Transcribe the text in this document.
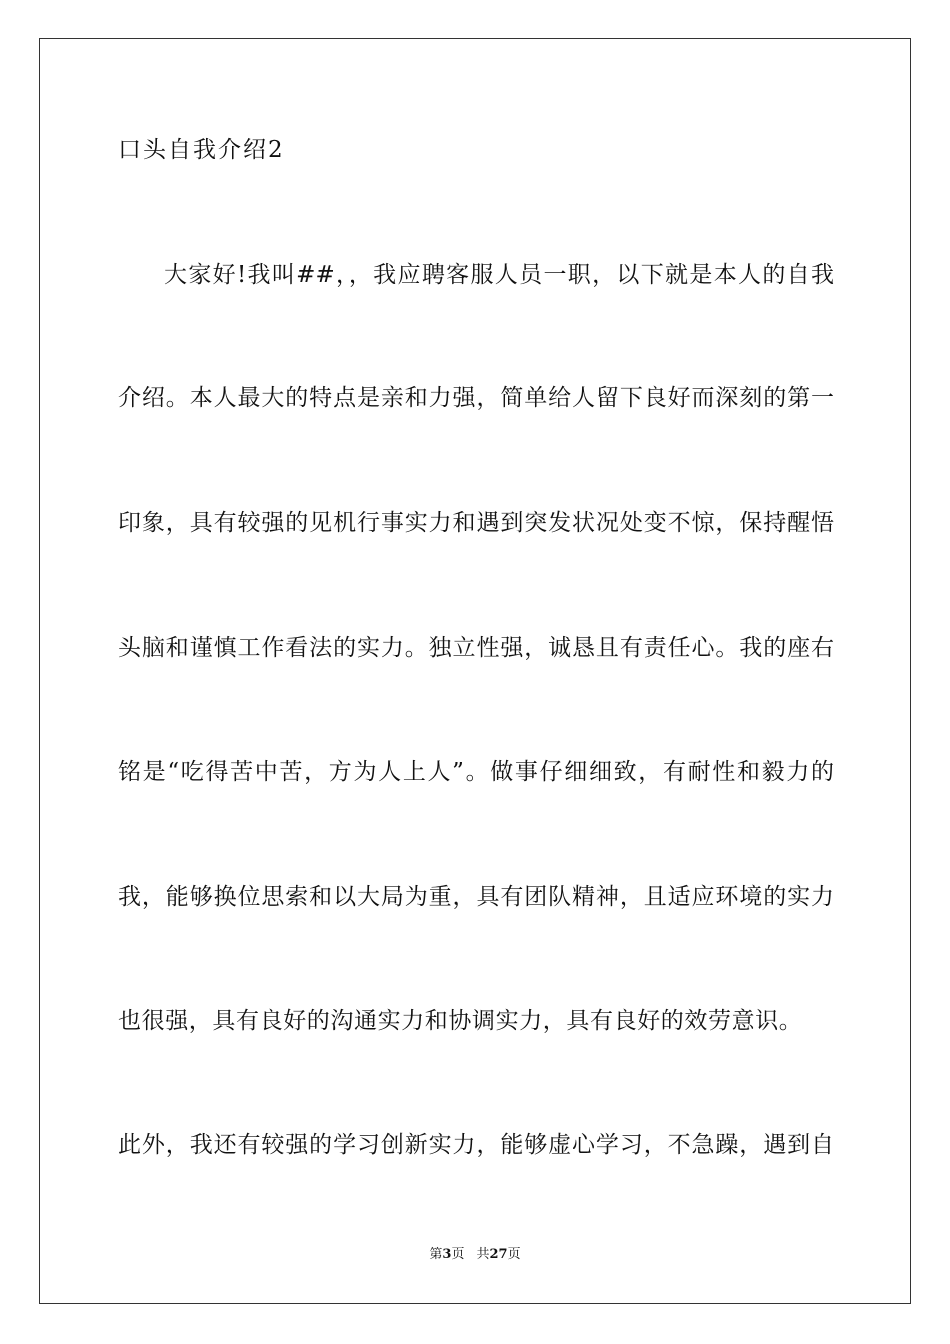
口头自我介绍2
大家好!我叫##，，我应聘客服人员一职，以下就是本人的自我
介绍。本人最大的特点是亲和力强，简单给人留下良好而深刻的第一
印象，具有较强的见机行事实力和遇到突发状况处变不惊，保持醒悟
头脑和谨慎工作看法的实力。独立性强，诚恳且有责任心。我的座右
铭是“吃得苦中苦，方为人上人”。做事仔细细致，有耐性和毅力的
我，能够换位思索和以大局为重，具有团队精神，且适应环境的实力
也很强，具有良好的沟通实力和协调实力，具有良好的效劳意识。
此外，我还有较强的学习创新实力，能够虚心学习，不急躁，遇到自
第3页 共27页
